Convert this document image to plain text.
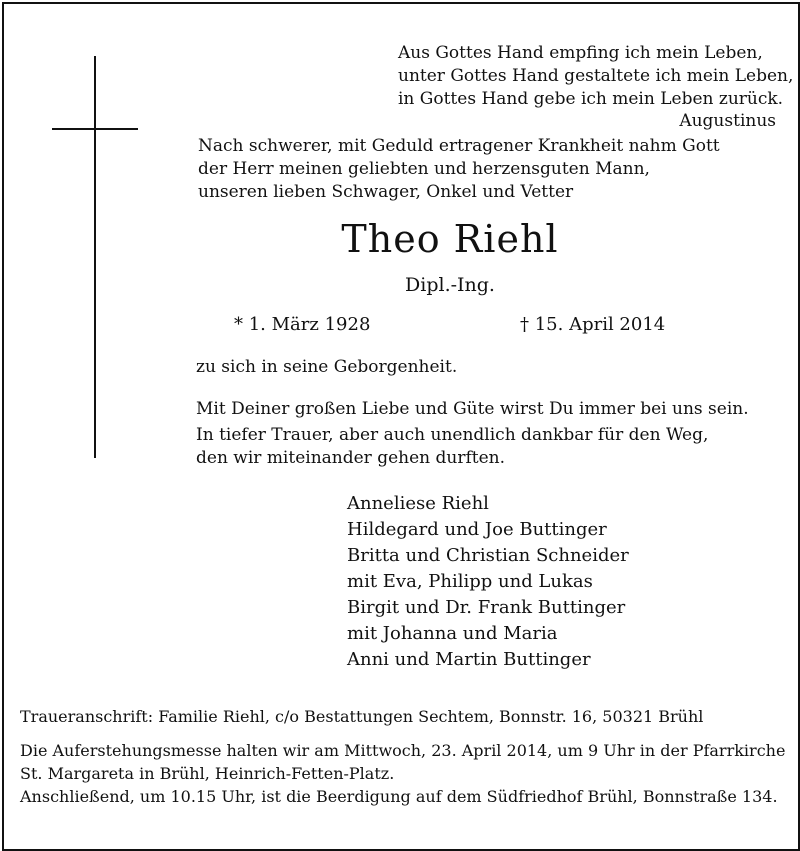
Aus Gottes Hand empfing ich mein Leben,
unter Gottes Hand gestaltete ich mein Leben,
in Gottes Hand gebe ich mein Leben zurück.
Augustinus
Nach schwerer, mit Geduld ertragener Krankheit nahm Gott
der Herr meinen geliebten und herzensguten Mann,
unseren lieben Schwager, Onkel und Vetter
Theo Riehl
Dipl.-Ing.
* 1. März 1928	† 15. April 2014
zu sich in seine Geborgenheit.
Mit Deiner großen Liebe und Güte wirst Du immer bei uns sein.
In tiefer Trauer, aber auch unendlich dankbar für den Weg,
den wir miteinander gehen durften.
Anneliese Riehl
Hildegard und Joe Buttinger
Britta und Christian Schneider
mit Eva, Philipp und Lukas
Birgit und Dr. Frank Buttinger
mit Johanna und Maria
Anni und Martin Buttinger
Traueranschrift: Familie Riehl, c/o Bestattungen Sechtem, Bonnstr. 16, 50321 Brühl
Die Auferstehungsmesse halten wir am Mittwoch, 23. April 2014, um 9 Uhr in der Pfarrkirche
St. Margareta in Brühl, Heinrich-Fetten-Platz.
Anschließend, um 10.15 Uhr, ist die Beerdigung auf dem Südfriedhof Brühl, Bonnstraße 134.
